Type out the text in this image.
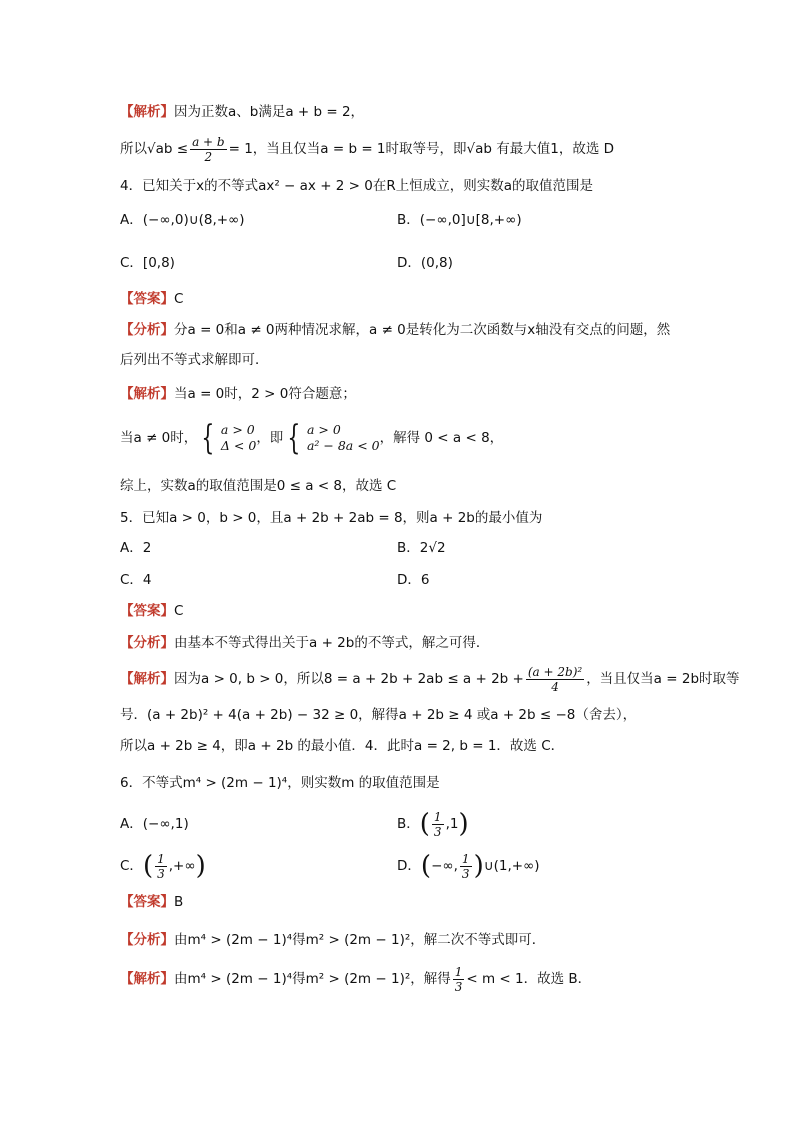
【解析】因为正数a、b满足a + b = 2，
所以$√ab \le \frac{a + b}{2} = 1$，当且仅当a = b = 1时取等号，即√ab 有最大值1，故选 D
4．已知关于x的不等式ax² − ax + 2 > 0在R上恒成立，则实数a的取值范围是
A．(−∞,0)∪(8,+∞)	B．(−∞,0]∪[8,+∞)
C．[0,8)	D．(0,8)
【答案】C
【分析】分a = 0和a ≠ 0两种情况求解，a ≠ 0是转化为二次函数与x轴没有交点的问题，然
后列出不等式求解即可．
【解析】当a = 0时，2 > 0符合题意；
当a ≠ 0时， { a > 0
Δ < 0 ，即 { a > 0
a² − 8a < 0 ，解得 0 < a < 8，
综上，实数a的取值范围是0 ≤ a < 8，故选 C
5．已知a > 0，b > 0，且a + 2b + 2ab = 8，则a + 2b的最小值为
A．2	B．2√2
C．4	D．6
【答案】C
【分析】由基本不等式得出关于a + 2b的不等式，解之可得．
【解析】因为a > 0, b > 0，所以$8 = a + 2b + 2ab \le a + 2b + \frac{\text{(a + 2b)²}}{4}$ ，当且仅当a = 2b时取等
号．(a + 2b)² + 4(a + 2b) − 32 ≥ 0，解得a + 2b ≥ 4 或a + 2b ≤ −8（舍去），
所以a + 2b ≥ 4，即a + 2b 的最小值．4．此时a = 2, b = 1．故选 C．
6．不等式m⁴ > (2m − 1)⁴，则实数m 的取值范围是
A．(−∞,1)	B．( $\frac{1}{3} ,1$)
C．( $\frac{1}{3}$ ,+∞)	D．(−∞, $\frac{1}{3}$ )∪(1,+∞)
【答案】B
【分析】由m⁴ > (2m − 1)⁴得m² > (2m − 1)²，解二次不等式即可．
【解析】由m⁴ > (2m − 1)⁴得m² > (2m − 1)²，解得 $\frac{1}{3} < m < 1$．故选 B．
